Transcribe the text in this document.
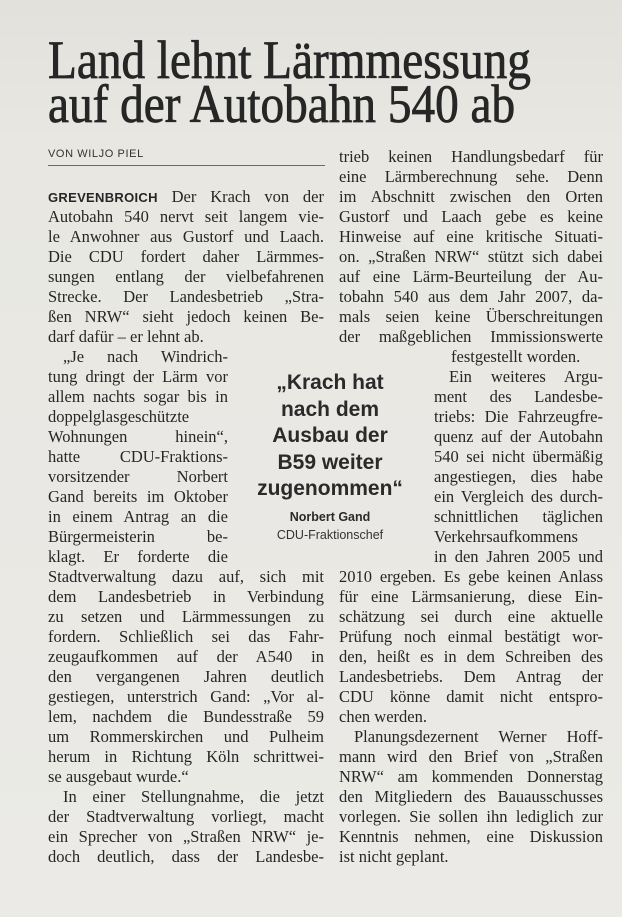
Land lehnt Lärmmessung
auf der Autobahn 540 ab
VON WILJO PIEL
GREVENBROICH Der Krach von der
Autobahn 540 nervt seit langem vie-
le Anwohner aus Gustorf und Laach.
Die CDU fordert daher Lärmmes-
sungen entlang der vielbefahrenen
Strecke. Der Landesbetrieb „Stra-
ßen NRW“ sieht jedoch keinen Be-
darf dafür – er lehnt ab.
„Je nach Windrich-
tung dringt der Lärm vor
allem nachts sogar bis in
doppelglasgeschützte
Wohnungen hinein“,
hatte CDU-Fraktions-
vorsitzender Norbert
Gand bereits im Oktober
in einem Antrag an die
Bürgermeisterin be-
klagt. Er forderte die
Stadtverwaltung dazu auf, sich mit
dem Landesbetrieb in Verbindung
zu setzen und Lärmmessungen zu
fordern. Schließlich sei das Fahr-
zeugaufkommen auf der A540 in
den vergangenen Jahren deutlich
gestiegen, unterstrich Gand: „Vor al-
lem, nachdem die Bundesstraße 59
um Rommerskirchen und Pulheim
herum in Richtung Köln schrittwei-
se ausgebaut wurde.“
In einer Stellungnahme, die jetzt
der Stadtverwaltung vorliegt, macht
ein Sprecher von „Straßen NRW“ je-
doch deutlich, dass der Landesbe-
„Krach hat
nach dem
Ausbau der
B59 weiter
zugenommen“
Norbert Gand
CDU-Fraktionschef
trieb keinen Handlungsbedarf für
eine Lärmberechnung sehe. Denn
im Abschnitt zwischen den Orten
Gustorf und Laach gebe es keine
Hinweise auf eine kritische Situati-
on. „Straßen NRW“ stützt sich dabei
auf eine Lärm-Beurteilung der Au-
tobahn 540 aus dem Jahr 2007, da-
mals seien keine Überschreitungen
der maßgeblichen Immissionswerte
festgestellt worden.
Ein weiteres Argu-
ment des Landesbe-
triebs: Die Fahrzeugfre-
quenz auf der Autobahn
540 sei nicht übermäßig
angestiegen, dies habe
ein Vergleich des durch-
schnittlichen täglichen
Verkehrsaufkommens
in den Jahren 2005 und
2010 ergeben. Es gebe keinen Anlass
für eine Lärmsanierung, diese Ein-
schätzung sei durch eine aktuelle
Prüfung noch einmal bestätigt wor-
den, heißt es in dem Schreiben des
Landesbetriebs. Dem Antrag der
CDU könne damit nicht entspro-
chen werden.
Planungsdezernent Werner Hoff-
mann wird den Brief von „Straßen
NRW“ am kommenden Donnerstag
den Mitgliedern des Bauausschusses
vorlegen. Sie sollen ihn lediglich zur
Kenntnis nehmen, eine Diskussion
ist nicht geplant.
